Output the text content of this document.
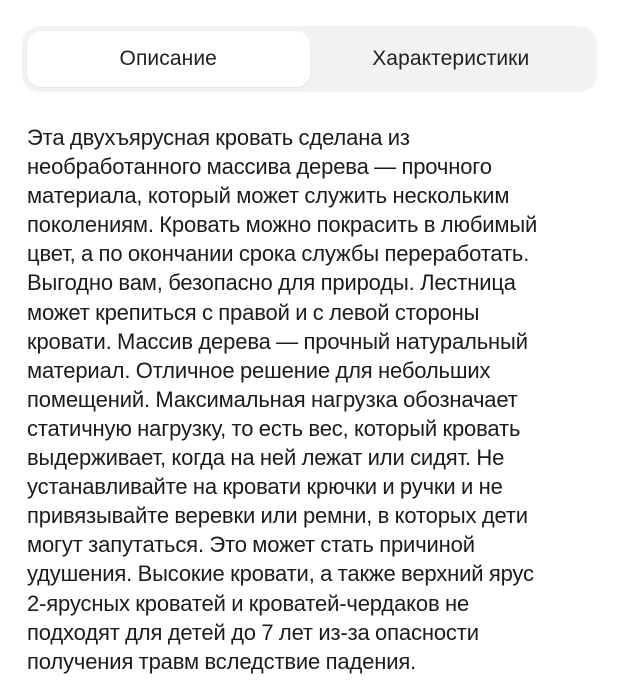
Описание	Характеристики
Эта двухъярусная кровать сделана из
необработанного массива дерева — прочного
материала, который может служить нескольким
поколениям. Кровать можно покрасить в любимый
цвет, а по окончании срока службы переработать.
Выгодно вам, безопасно для природы. Лестница
может крепиться с правой и с левой стороны
кровати. Массив дерева — прочный натуральный
материал. Отличное решение для небольших
помещений. Максимальная нагрузка обозначает
статичную нагрузку, то есть вес, который кровать
выдерживает, когда на ней лежат или сидят. Не
устанавливайте на кровати крючки и ручки и не
привязывайте веревки или ремни, в которых дети
могут запутаться. Это может стать причиной
удушения. Высокие кровати, а также верхний ярус
2-ярусных кроватей и кроватей-чердаков не
подходят для детей до 7 лет из-за опасности
получения травм вследствие падения.
